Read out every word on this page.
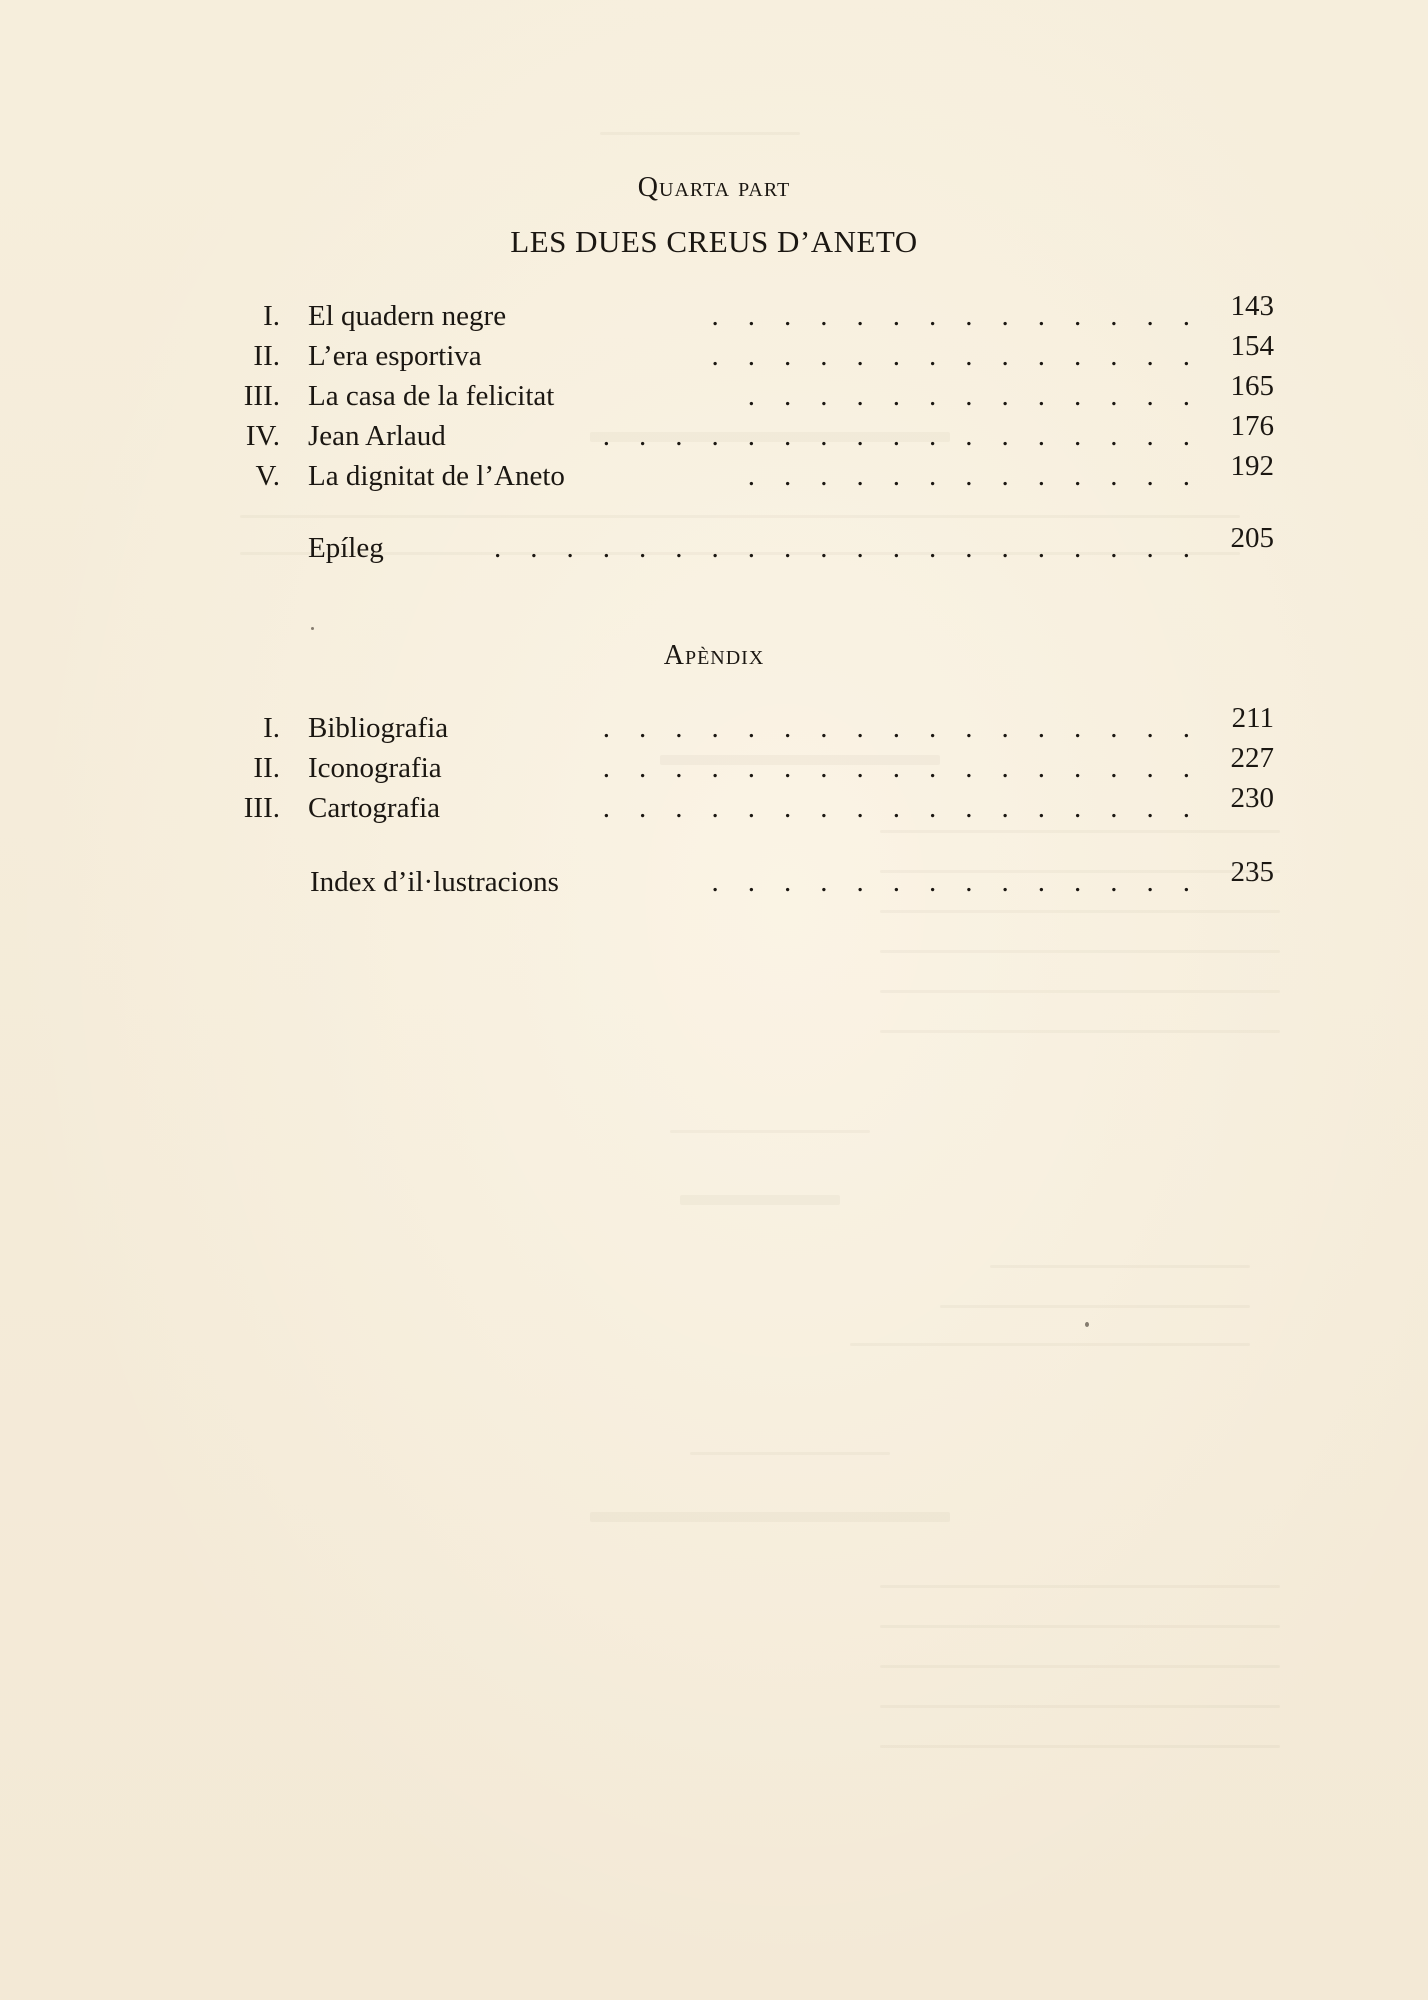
Quarta part
LES DUES CREUS D’ANETO
I. El quadern negre	.    .    .    .    .    .    .    .    .    .    .    .    .    . 143
II. L’era esportiva	.    .    .    .    .    .    .    .    .    .    .    .    .    . 154
III. La casa de la felicitat	.    .    .    .    .    .    .    .    .    .    .    .    . 165
IV. Jean Arlaud	.    .    .    .    .    .    .    .    .    .    .    .    .    .    .    .    . 176
V. La dignitat de l’Aneto	.    .    .    .    .    .    .    .    .    .    .    .    . 192
Epíleg	.    .    .    .    .    .    .    .    .    .    .    .    .    .    .    .    .    .    .    . 205
Apèndix
I. Bibliografia	.    .    .    .    .    .    .    .    .    .    .    .    .    .    .    .    . 211
II. Iconografia	.    .    .    .    .    .    .    .    .    .    .    .    .    .    .    .    . 227
III. Cartografia	.    .    .    .    .    .    .    .    .    .    .    .    .    .    .    .    . 230
Index d’il·lustracions	.    .    .    .    .    .    .    .    .    .    .    .    .    . 235
